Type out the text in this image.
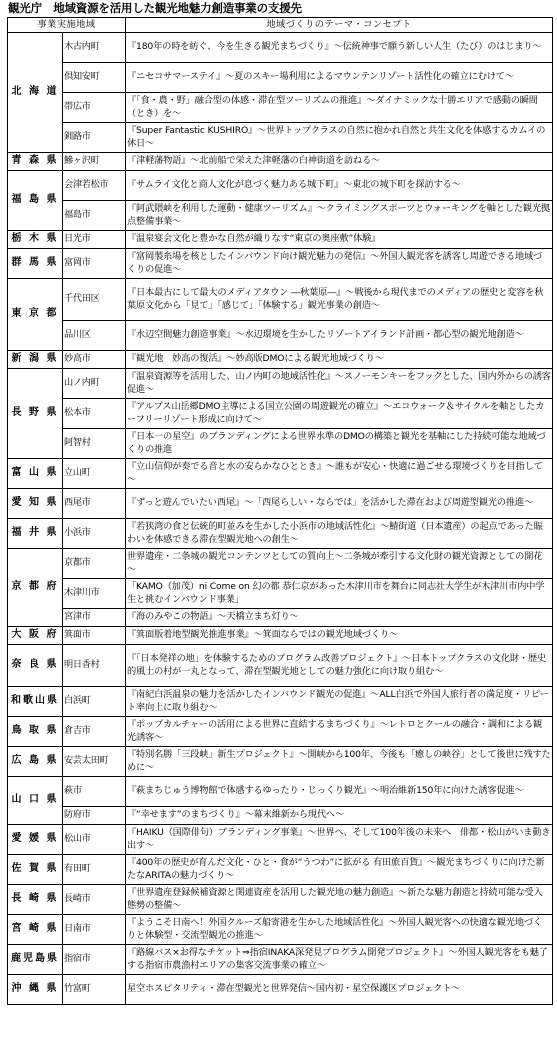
観光庁　地域資源を活用した観光地魅力創造事業の支援先
事業実施地域		地域づくりのテーマ・コンセプト
北 海 道	木古内町	『180年の時を紡ぐ、今を生きる観光まちづくり』～伝統神事で願う新しい人生（たび）のはじまり～
	倶知安町	『ニセコサマーステイ』～夏のスキー場利用によるマウンテンリゾート活性化の確立にむけて～
	帯広市	『「食・農・野」融合型の体感・滞在型ツーリズムの推進』～ダイナミックな十勝エリアで感動の瞬間（とき）を～
	釧路市	『Super Fantastic KUSHIRO』～世界トップクラスの自然に抱かれ自然と共生文化を体感するカムイの休日～
青 森 県	鰺ヶ沢町	『津軽藩物語』～北前船で栄えた津軽藩の白神街道を訪ねる～
福 島 県	会津若松市	『サムライ文化と商人文化が息づく魅力ある城下町』～東北の城下町を探訪する～
	福島市	『阿武隈峡を利用した運動・健康ツーリズム』～クライミングスポーツとウォーキングを軸とした観光拠点整備事業～
栃 木 県	日光市	『温泉宴会文化と豊かな自然が織りなす“東京の奥座敷”体験』
群 馬 県	富岡市	『富岡製糸場を核としたインバウンド向け観光魅力の発信』～外国人観光客を誘客し周遊できる地域づくりの促進～
東 京 都	千代田区	『日本最古にして最大のメディアタウン ―秋葉原―』～戦後から現代までのメディアの歴史と変容を秋葉原文化から「見て」「感じて」「体験する」観光事業の創造～
	品川区	『水辺空間魅力創造事業』～水辺環境を生かしたリゾートアイランド計画・都心型の観光地創造～
新 潟 県	妙高市	『観光地　妙高の復活』～妙高版DMOによる観光地域づくり～
長 野 県	山ノ内町	『温泉資源等を活用した、山ノ内町の地域活性化』～スノーモンキーをフックとした、国内外からの誘客促進～
	松本市	『アルプス山岳郷DMO主導による国立公園の周遊観光の確立』～エコウォーク＆サイクルを軸としたカーフリーリゾート形成に向けて～
	阿智村	『日本一の星空』のブランディングによる世界水準のDMOの構築と観光を基軸にした持続可能な地域づくりの推進
富 山 県	立山町	『立山信仰が奏でる音と水の安らかなひととき』～誰もが安心・快適に過ごせる環境づくりを目指して～
愛 知 県	西尾市	『ずっと遊んでいたい西尾』～「西尾らしい・ならでは」を活かした滞在および周遊型観光の推進～
福 井 県	小浜市	『若狭湾の食と伝統的町並みを生かした小浜市の地域活性化』～鯖街道（日本遺産）の起点であった賑わいを体感できる滞在型観光地への創生～
京 都 府	京都市	世界遺産・二条城の観光コンテンツとしての質向上～二条城が牽引する文化財の観光資源としての開花～
	木津川市	「KAMO（加茂）ni Come on 幻の都 恭仁京があった木津川市を舞台に同志社大学生が木津川市内中学生と挑むインバウンド事業」
	宮津市	『海のみやこの物語』～天橋立まち灯り～
大 阪 府	箕面市	『箕面版着地型観光推進事業』～箕面ならではの観光地域づくり～
奈 良 県	明日香村	『「日本発祥の地」を体験するためのプログラム改善プロジェクト』～日本トップクラスの文化財・歴史的風土の村が一丸となって、滞在型観光地としての魅力強化に向け取り組む～
和歌山県	白浜町	『南紀白浜温泉の魅力を活かしたインバウンド観光の促進』～ALL白浜で外国人旅行者の満足度・リピート率向上に取り組む～
鳥 取 県	倉吉市	『ポップカルチャーの活用による世界に直結するまちづくり』～レトロとクールの融合・調和による観光誘客～
広 島 県	安芸太田町	『特別名勝「三段峡」新生プロジェクト』～開峡から100年、今後も「癒しの峡谷」として後世に残すために～
山 口 県	萩市	『萩まちじゅう博物館で体感するゆったり・じっくり観光』～明治維新150年に向けた誘客促進～
	防府市	『“幸せます”のまちづくり』～幕末維新から現代へ～
愛 媛 県	松山市	『HAIKU（国際俳句）ブランディング事業』～世界へ、そして100年後の未来へ　俳都・松山がいま動き出す～
佐 賀 県	有田町	『400年の歴史が育んだ文化・ひと・食が“うつわ”に拡がる 有田旅百貨』～観光まちづくりに向けた新たなARITAの魅力づくり～
長 崎 県	長崎市	『世界遺産登録候補資源と関連資産を活用した観光地の魅力創造』～新たな魅力創造と持続可能な受入態勢の整備～
宮 崎 県	日南市	『ようこそ日南へ！外国クルーズ船寄港を生かした地域活性化』～外国人観光客への快適な観光地づくりと体験型・交流型観光の推進～
鹿児島県	指宿市	『路線バス×お得なチケット⇒指宿INAKA深発見プログラム開発プロジェクト』～外国人観光客をも魅了する指宿市農漁村エリアの集客交流事業の確立～
沖 縄 県	竹富町	星空ホスピタリティ・滞在型観光と世界発信～国内初・星空保護区プロジェクト～
